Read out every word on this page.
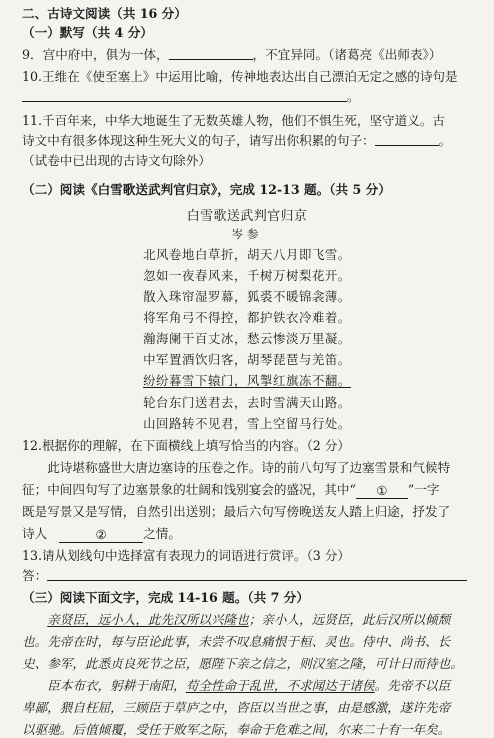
二、古诗文阅读（共 16 分）
（一）默写（共 4 分）
9．宫中府中，俱为一体，	，不宜异同。（诸葛亮《出师表》）
10.王维在《使至塞上》中运用比喻，传神地表达出自己漂泊无定之感的诗句是
。
11.千百年来，中华大地诞生了无数英雄人物，他们不惧生死，坚守道义。古
诗文中有很多体现这种生死大义的句子，请写出你积累的句子：	。
（试卷中已出现的古诗文句除外）
（二）阅读《白雪歌送武判官归京》，完成 12-13 题。（共 5 分）
白雪歌送武判官归京
岑参
北风卷地白草折，胡天八月即飞雪。
忽如一夜春风来，千树万树梨花开。
散入珠帘湿罗幕，狐裘不暖锦衾薄。
将军角弓不得控，都护铁衣冷难着。
瀚海阑干百丈冰，愁云惨淡万里凝。
中军置酒饮归客，胡琴琵琶与羌笛。
纷纷暮雪下辕门，风掣红旗冻不翻。
轮台东门送君去，去时雪满天山路。
山回路转不见君，雪上空留马行处。
12.根据你的理解，在下面横线上填写恰当的内容。（2 分）
此诗堪称盛世大唐边塞诗的压卷之作。诗的前八句写了边塞雪景和气候特
征；中间四句写了边塞景象的壮阔和饯别宴会的盛况，其中“ ① ”一字
既是写景又是写情，自然引出送别；最后六句写傍晚送友人踏上归途，抒发了
诗人	②	之情。
13.请从划线句中选择富有表现力的词语进行赏评。（3 分）
答：
（三）阅读下面文字，完成 14-16 题。（共 7 分）
亲贤臣，远小人，此先汉所以兴隆也；亲小人，远贤臣，此后汉所以倾颓
也。先帝在时，每与臣论此事，未尝不叹息痛恨于桓、灵也。侍中、尚书、长
史、参军，此悉贞良死节之臣，愿陛下亲之信之，则汉室之隆，可计日而待也。
臣本布衣，躬耕于南阳，苟全性命于乱世，不求闻达于诸侯。先帝不以臣
卑鄙，猥自枉屈，三顾臣于草庐之中，咨臣以当世之事，由是感激，遂许先帝
以驱驰。后值倾覆，受任于败军之际，奉命于危难之间，尔来二十有一年矣。
